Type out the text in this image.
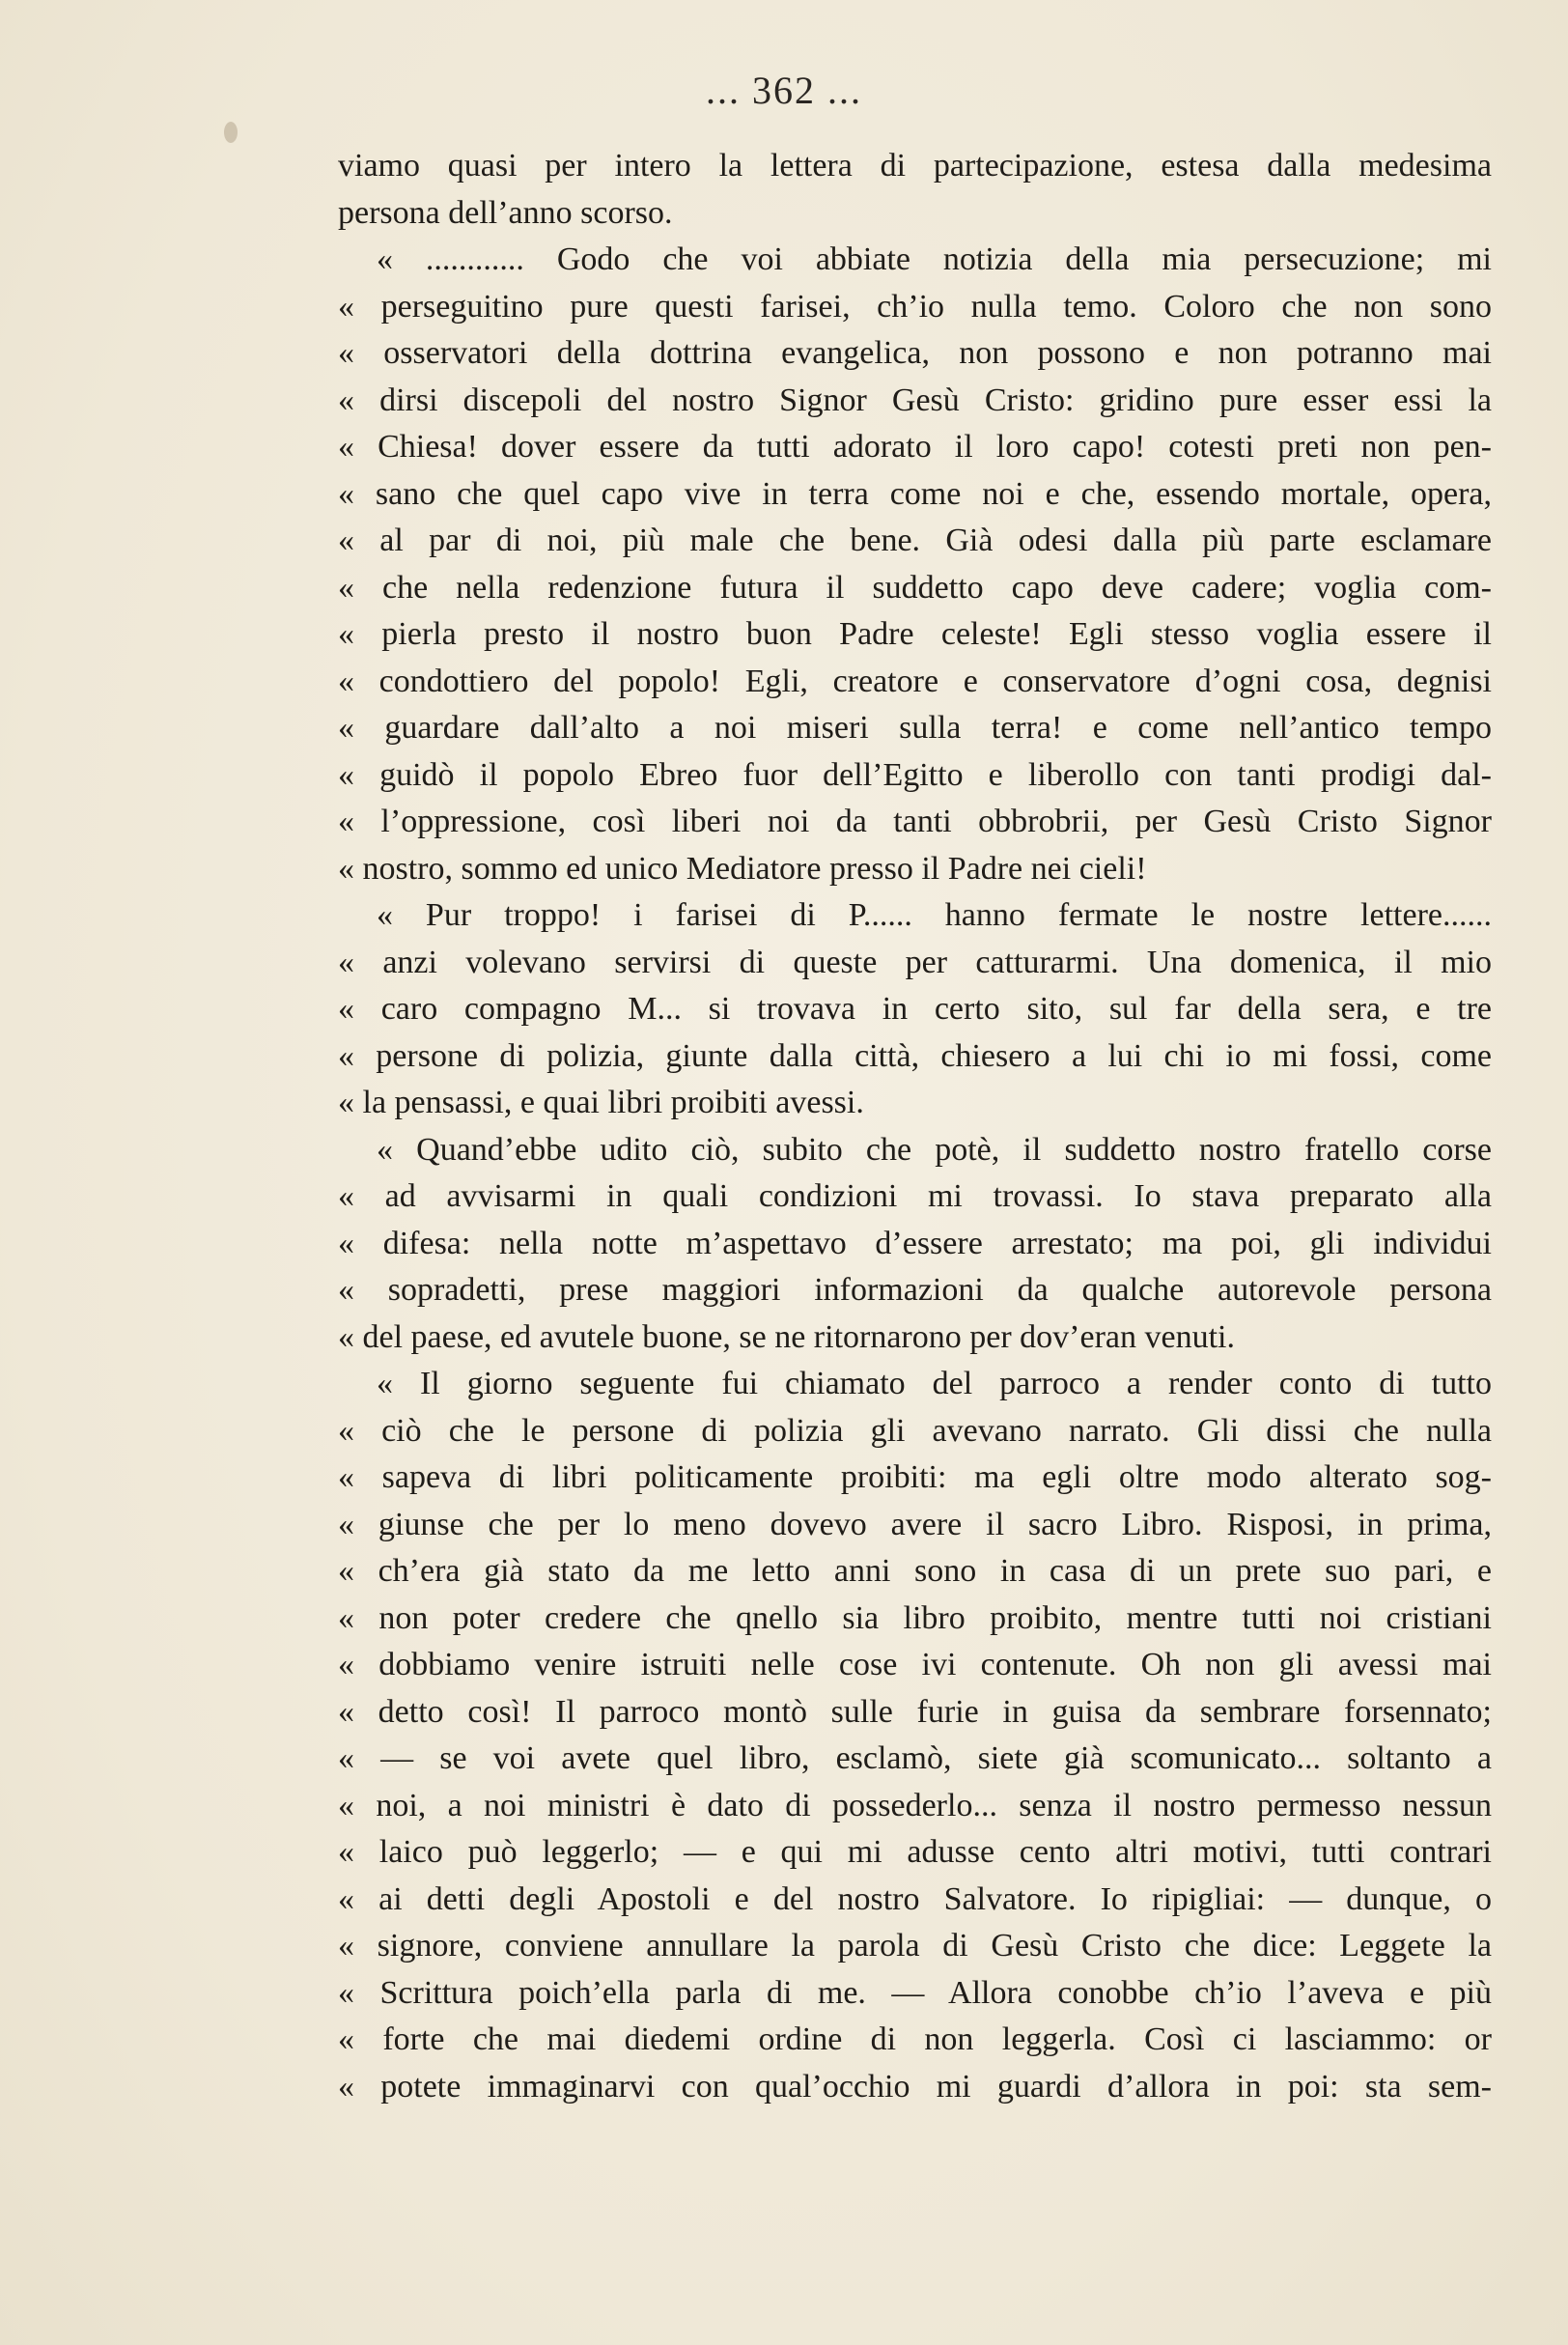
... 362 ...
viamo quasi per intero la lettera di partecipazione, estesa dalla medesima
persona dell’anno scorso.
« ............ Godo che voi abbiate notizia della mia persecuzione; mi
« perseguitino pure questi farisei, ch’io nulla temo. Coloro che non sono
« osservatori della dottrina evangelica, non possono e non potranno mai
« dirsi discepoli del nostro Signor Gesù Cristo: gridino pure esser essi la
« Chiesa! dover essere da tutti adorato il loro capo! cotesti preti non pen-
« sano che quel capo vive in terra come noi e che, essendo mortale, opera,
« al par di noi, più male che bene. Già odesi dalla più parte esclamare
« che nella redenzione futura il suddetto capo deve cadere; voglia com-
« pierla presto il nostro buon Padre celeste! Egli stesso voglia essere il
« condottiero del popolo! Egli, creatore e conservatore d’ogni cosa, degnisi
« guardare dall’alto a noi miseri sulla terra! e come nell’antico tempo
« guidò il popolo Ebreo fuor dell’Egitto e liberollo con tanti prodigi dal-
« l’oppressione, così liberi noi da tanti obbrobrii, per Gesù Cristo Signor
« nostro, sommo ed unico Mediatore presso il Padre nei cieli!
« Pur troppo! i farisei di P...... hanno fermate le nostre lettere......
« anzi volevano servirsi di queste per catturarmi. Una domenica, il mio
« caro compagno M... si trovava in certo sito, sul far della sera, e tre
« persone di polizia, giunte dalla città, chiesero a lui chi io mi fossi, come
« la pensassi, e quai libri proibiti avessi.
« Quand’ebbe udito ciò, subito che potè, il suddetto nostro fratello corse
« ad avvisarmi in quali condizioni mi trovassi. Io stava preparato alla
« difesa: nella notte m’aspettavo d’essere arrestato; ma poi, gli individui
« sopradetti, prese maggiori informazioni da qualche autorevole persona
« del paese, ed avutele buone, se ne ritornarono per dov’eran venuti.
« Il giorno seguente fui chiamato del parroco a render conto di tutto
« ciò che le persone di polizia gli avevano narrato. Gli dissi che nulla
« sapeva di libri politicamente proibiti: ma egli oltre modo alterato sog-
« giunse che per lo meno dovevo avere il sacro Libro. Risposi, in prima,
« ch’era già stato da me letto anni sono in casa di un prete suo pari, e
« non poter credere che qnello sia libro proibito, mentre tutti noi cristiani
« dobbiamo venire istruiti nelle cose ivi contenute. Oh non gli avessi mai
« detto così! Il parroco montò sulle furie in guisa da sembrare forsennato;
« — se voi avete quel libro, esclamò, siete già scomunicato... soltanto a
« noi, a noi ministri è dato di possederlo... senza il nostro permesso nessun
« laico può leggerlo; — e qui mi adusse cento altri motivi, tutti contrari
« ai detti degli Apostoli e del nostro Salvatore. Io ripigliai: — dunque, o
« signore, conviene annullare la parola di Gesù Cristo che dice: Leggete la
« Scrittura poich’ella parla di me. — Allora conobbe ch’io l’aveva e più
« forte che mai diedemi ordine di non leggerla. Così ci lasciammo: or
« potete immaginarvi con qual’occhio mi guardi d’allora in poi: sta sem-
